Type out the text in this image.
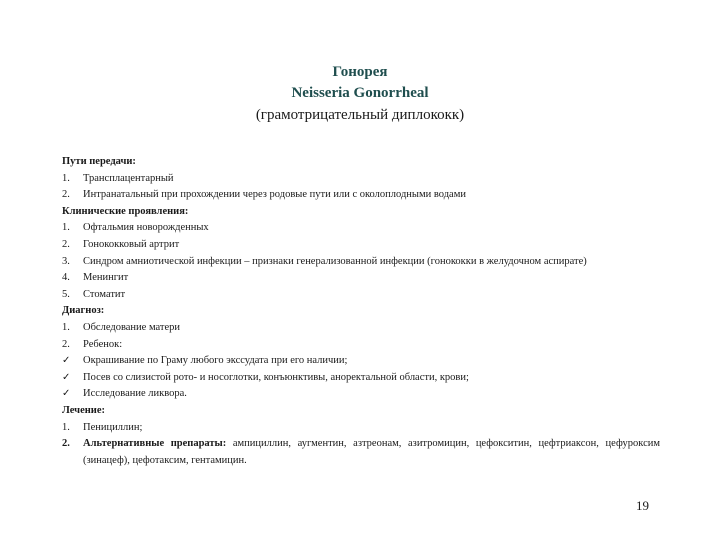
Гонорея
Neisseria Gonorrheal
(грамотрицательный диплококк)
Пути передачи:
1.	Трансплацентарный
2.	Интранатальный при прохождении через родовые пути или с околоплодными водами
Клинические проявления:
1.	Офтальмия новорожденных
2.	Гонококковый артрит
3.	Синдром амниотической инфекции – признаки генерализованной инфекции (гонококки в желудочном аспирате)
4.	Менингит
5.	Стоматит
Диагноз:
1.	Обследование матери
2.	Ребенок:
✓	Окрашивание по Граму любого экссудата при его наличии;
✓	Посев со слизистой рото- и носоглотки, конъюнктивы, аноректальной области, крови;
✓	Исследование ликвора.
Лечение:
1.	Пенициллин;
2.	Альтернативные препараты: ампициллин, аугментин, азтреонам, азитромицин, цефокситин, цефтриаксон, цефуроксим (зинацеф), цефотаксим, гентамицин.
19
